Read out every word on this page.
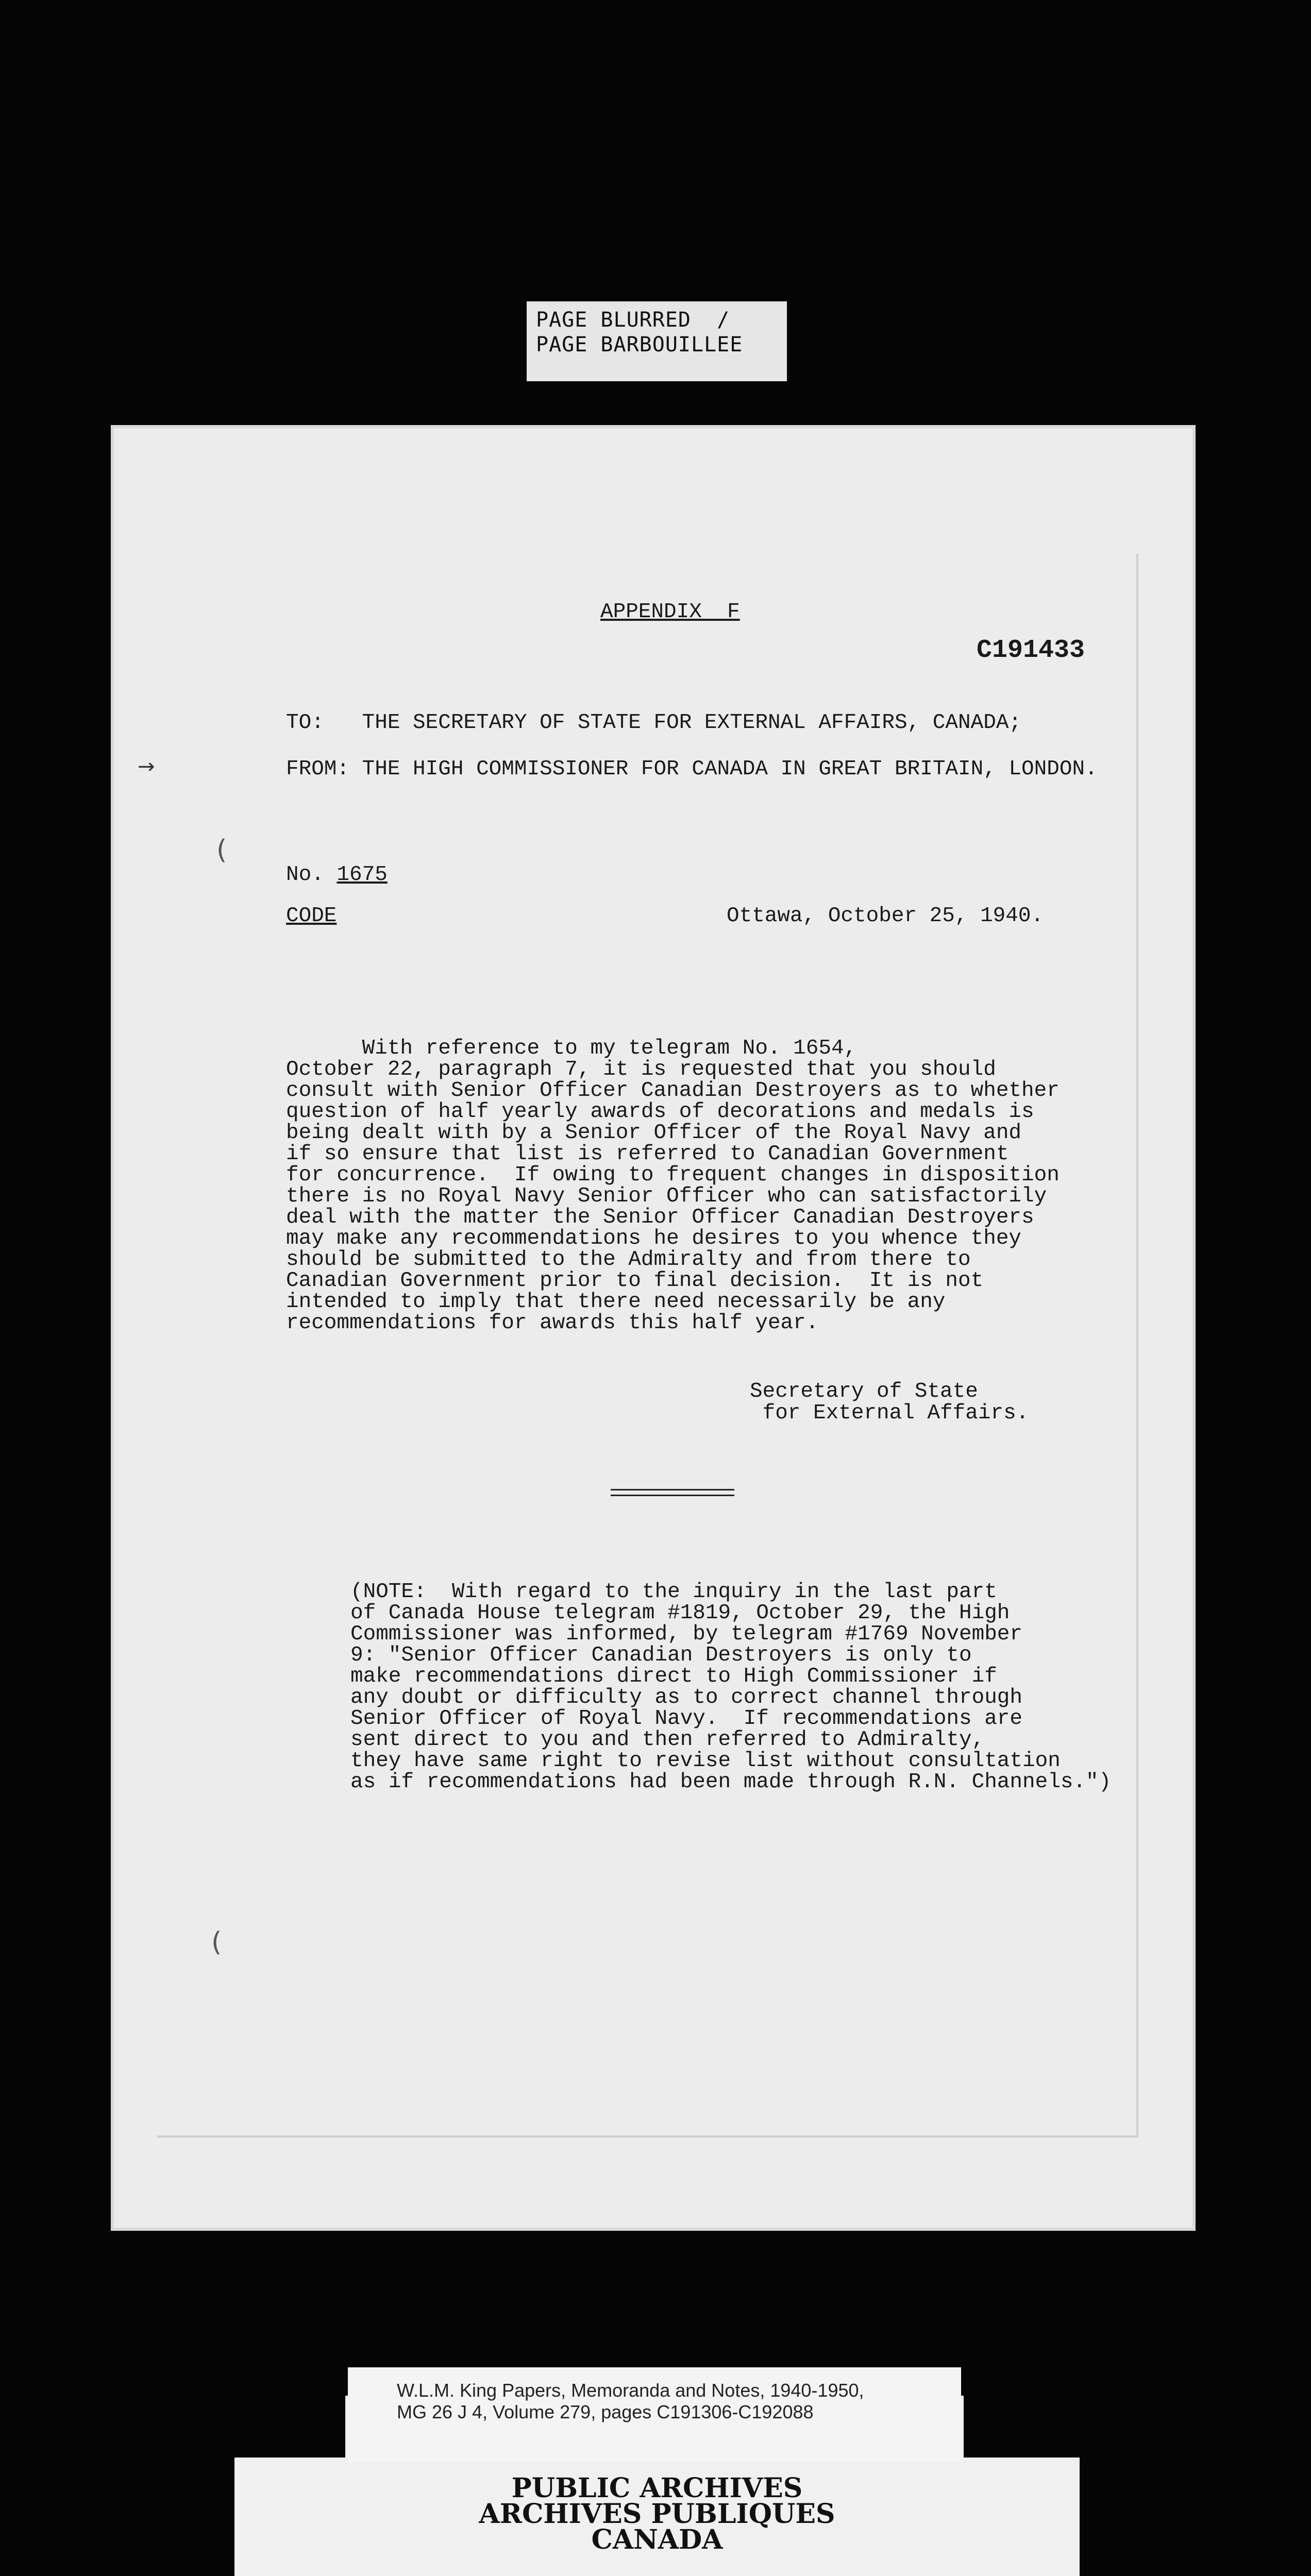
PAGE BLURRED  /
PAGE BARBOUILLEE
→
(
(
APPENDIX  F
C191433
TO: THE SECRETARY OF STATE FOR EXTERNAL AFFAIRS, CANADA;
FROM: THE HIGH COMMISSIONER FOR CANADA IN GREAT BRITAIN, LONDON.
No. 1675
CODE	Ottawa, October 25, 1940.
With reference to my telegram No. 1654,
October 22, paragraph 7, it is requested that you should
consult with Senior Officer Canadian Destroyers as to whether
question of half yearly awards of decorations and medals is
being dealt with by a Senior Officer of the Royal Navy and
if so ensure that list is referred to Canadian Government
for concurrence.  If owing to frequent changes in disposition
there is no Royal Navy Senior Officer who can satisfactorily
deal with the matter the Senior Officer Canadian Destroyers
may make any recommendations he desires to you whence they
should be submitted to the Admiralty and from there to
Canadian Government prior to final decision.  It is not
intended to imply that there need necessarily be any
recommendations for awards this half year.
Secretary of State
for External Affairs.
(NOTE:  With regard to the inquiry in the last part
of Canada House telegram #1819, October 29, the High
Commissioner was informed, by telegram #1769 November
9: "Senior Officer Canadian Destroyers is only to
make recommendations direct to High Commissioner if
any doubt or difficulty as to correct channel through
Senior Officer of Royal Navy.  If recommendations are
sent direct to you and then referred to Admiralty,
they have same right to revise list without consultation
as if recommendations had been made through R.N. Channels.")
W.L.M. King Papers, Memoranda and Notes, 1940-1950,
MG 26 J 4, Volume 279, pages C191306-C192088
PUBLIC ARCHIVES
ARCHIVES PUBLIQUES
CANADA
